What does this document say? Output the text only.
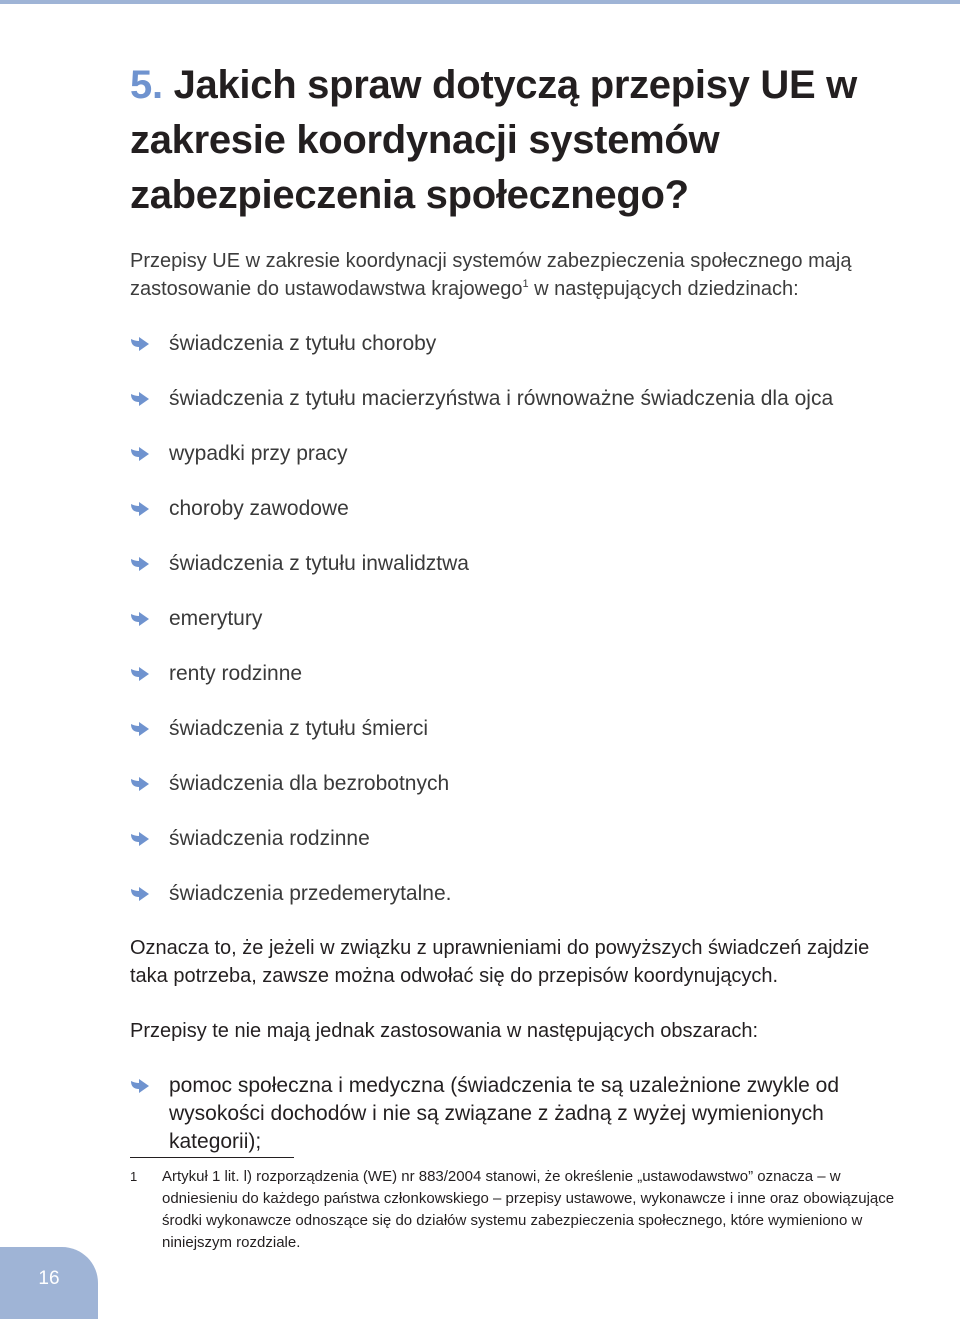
5. Jakich spraw dotyczą przepisy UE w zakresie koordynacji systemów zabezpieczenia społecznego?

Przepisy UE w zakresie koordynacji systemów zabezpieczenia społecznego mają zastosowanie do ustawodawstwa krajowego$^1$ w następujących dziedzinach:

świadczenia z tytułu choroby
świadczenia z tytułu macierzyństwa i równoważne świadczenia dla ojca
wypadki przy pracy
choroby zawodowe
świadczenia z tytułu inwalidztwa
emerytury
renty rodzinne
świadczenia z tytułu śmierci
świadczenia dla bezrobotnych
świadczenia rodzinne
świadczenia przedemerytalne.

Oznacza to, że jeżeli w związku z uprawnieniami do powyższych świadczeń zajdzie taka potrzeba, zawsze można odwołać się do przepisów koordynujących.

Przepisy te nie mają jednak zastosowania w następujących obszarach:

pomoc społeczna i medyczna (świadczenia te są uzależnione zwykle od wysokości dochodów i nie są związane z żadną z wyżej wymienionych kategorii);
1 Artykuł 1 lit. l) rozporządzenia (WE) nr 883/2004 stanowi, że określenie „ustawodawstwo” oznacza – w odniesieniu do każdego państwa członkowskiego – przepisy ustawowe, wykonawcze i inne oraz obowiązujące środki wykonawcze odnoszące się do działów systemu zabezpieczenia społecznego, które wymieniono w niniejszym rozdziale.
16
